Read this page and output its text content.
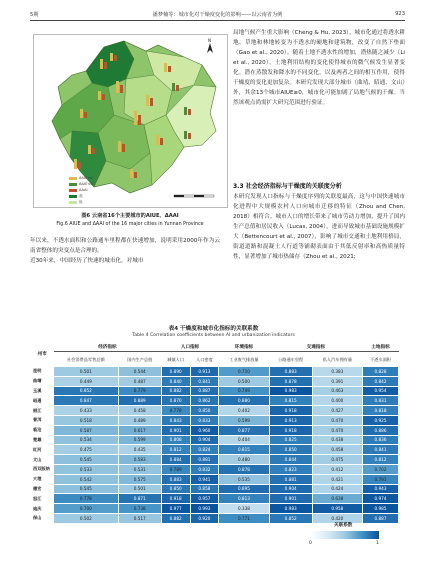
5期	潘梦楠等：城市化对干燥度变化的影响——以云南省为例	923
N
AIUE>0
AIUE<0
ΔAAI
高
低
图6 云南省16个主要城市的AIUE、ΔAAI
Fig.6 AIUE and ΔAAI of the 16 major cities in Yunnan Province
年以来，不透水面积和公路通车里程都在快速增加，说明采用2000年作为云南省整体的突变点是合理的。
近30年来，中国经历了快速的城市化，对城市
局地气候产生重大影响（Cheng & Hu, 2023）。城市化通过将透水耕地、草地和林地转变为不透水的硬地和建筑物，改变了自然下垫面（Gao et al., 2020）。随着土地不透水性的增加，潜热随之减少（Li et al., 2020），土地利用结构的变化使得城市的微气候发生显著变化。潜在蒸散发和降水的不同变化，以及两者之间的相互作用，使得干燥度的变化更加复杂。本研究发现大部分城市（曲靖、昭通、文山）外，其余13个城市AIUE≥0，城市化可能加剧了局地气候的干燥。当然该观点尚需扩大研究范围进行验证。
3.3 社会经济指标与干燥度的关联度分析
本研究发现人口指标与干燥度序列的关联度最高，这与中国快速城市化进程中大规模农村人口向城市迁移的特征（Zhou and Chen, 2018）相符合。城市人口的增长带来了城市劳动力增加，提升了国内生产总值和居民收入（Lucas, 2004），进而导致城市基础设施规模扩大（Bettencourt et al., 2007），影响了城市交通和土地利用格局，街道道路和混凝土人行道等铺砌表面由于其低反射率和高热质量特性，显著增加了城市热储存（Zhou et al., 2021;
表4 干燥度和城市化指标的关联系数
Table 4 Correlation coefficients between AI and urbanization indicators
州市	经济指标		人口指标		环境指标	交通指标		土地指标
	社会消费品零售总额	国内生产总值	城镇人口	人口密度	工业废气排放量	公路通车里程	私人汽车拥有量	不透水面积
昆明	0.501	0.544	0.890	0.913	0.710	0.883	0.383	0.828
曲靖	0.449	0.487	0.840	0.841	0.500	0.878	0.391	0.842
玉溪	0.852	0.779	0.882	0.887	0.749	0.983	0.463	0.954
昭通	0.847	0.889	0.870	0.862	0.880	0.815	0.400	0.831
丽江	0.433	0.458	0.778	0.850	0.402	0.918	0.427	0.818
普洱	0.518	0.489	0.843	0.833	0.599	0.913	0.470	0.925
临沧	0.587	0.617	0.901	0.960	0.877	0.918	0.470	0.886
楚雄	0.534	0.599	0.808	0.904	0.404	0.825	0.438	0.836
红河	0.475	0.435	0.812	0.824	0.815	0.850	0.458	0.841
文山	0.545	0.583	0.884	0.881	0.480	0.844	0.475	0.812
西双版纳	0.533	0.531	0.789	0.832	0.878	0.823	0.412	0.702
大理	0.542	0.575	0.883	0.941	0.535	0.881	0.421	0.791
德宏	0.545	0.501	0.850	0.858	0.895	0.904	0.424	0.943
怒江	0.778	0.871	0.918	0.957	0.813	0.901	0.638	0.974
迪庆	0.700	0.738	0.977	0.993	0.338	0.983	0.958	0.985
保山	0.502	0.517	0.882	0.920	0.771	0.852	0.420	0.887
关联系数
0	1
